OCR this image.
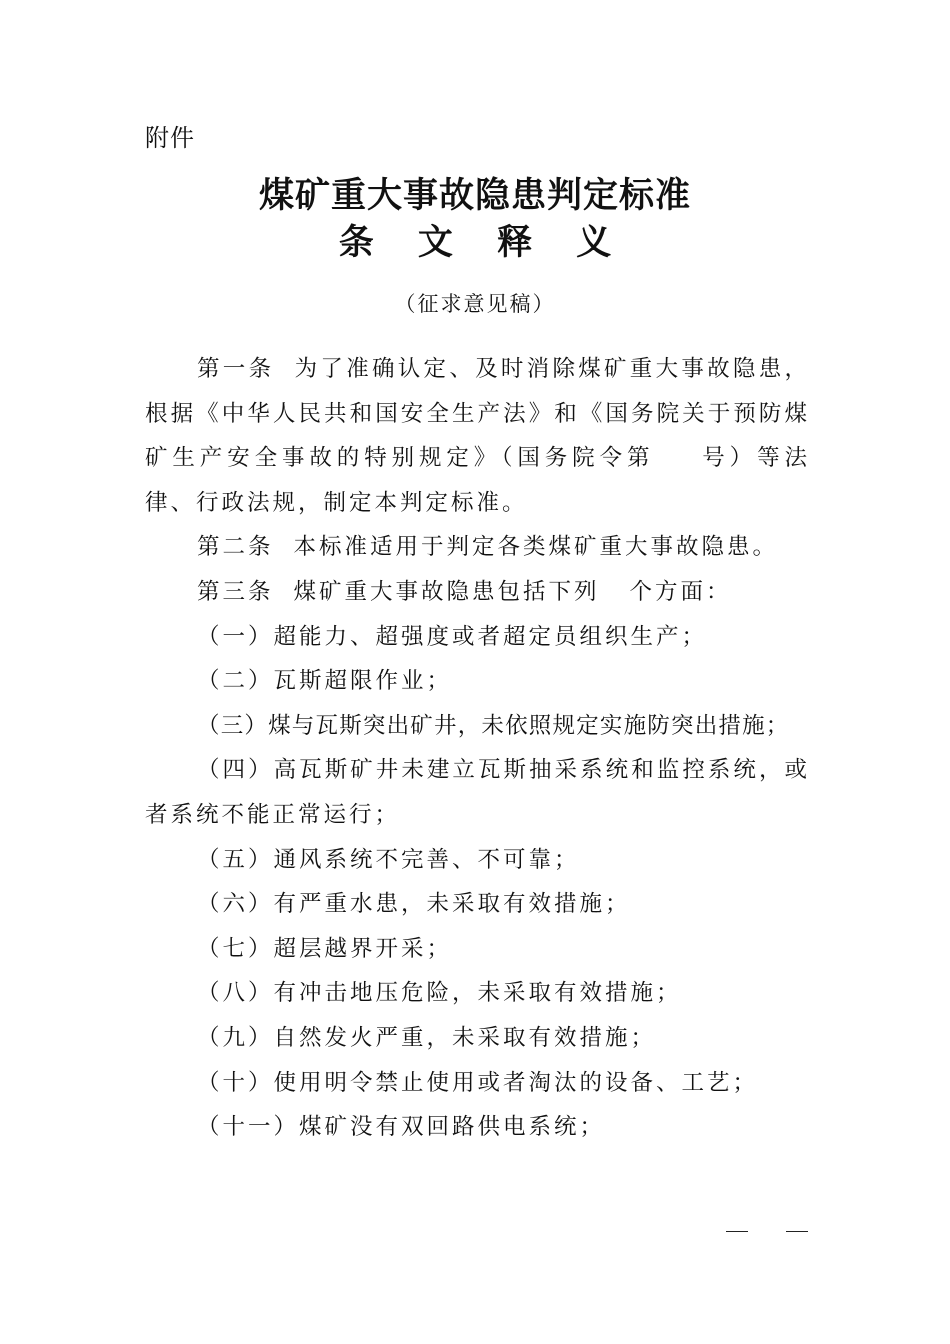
附件
煤矿重大事故隐患判定标准
条 文 释 义
（征求意见稿）

第一条 为了准确认定、及时消除煤矿重大事故隐患，根据《中华人民共和国安全生产法》和《国务院关于预防煤矿生产安全事故的特别规定》（国务院令第 号）等法律、行政法规，制定本判定标准。

第二条 本标准适用于判定各类煤矿重大事故隐患。

第三条 煤矿重大事故隐患包括下列 个方面：

（一）超能力、超强度或者超定员组织生产；

（二）瓦斯超限作业；

（三）煤与瓦斯突出矿井，未依照规定实施防突出措施；

（四）高瓦斯矿井未建立瓦斯抽采系统和监控系统，或者系统不能正常运行；

（五）通风系统不完善、不可靠；

（六）有严重水患，未采取有效措施；

（七）超层越界开采；

（八）有冲击地压危险，未采取有效措施；

（九）自然发火严重，未采取有效措施；

（十）使用明令禁止使用或者淘汰的设备、工艺；

（十一）煤矿没有双回路供电系统；
